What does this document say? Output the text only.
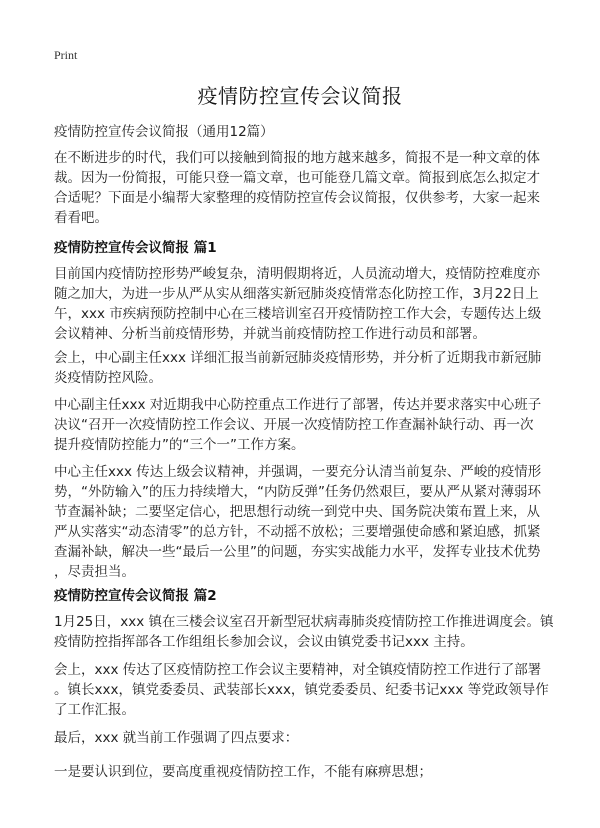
Print
疫情防控宣传会议简报
疫情防控宣传会议简报（通用12篇）
在不断进步的时代，我们可以接触到简报的地方越来越多，简报不是一种文章的体
裁。因为一份简报，可能只登一篇文章，也可能登几篇文章。简报到底怎么拟定才
合适呢？下面是小编帮大家整理的疫情防控宣传会议简报，仅供参考，大家一起来
看看吧。
疫情防控宣传会议简报 篇1
目前国内疫情防控形势严峻复杂，清明假期将近，人员流动增大，疫情防控难度亦
随之加大，为进一步从严从实从细落实新冠肺炎疫情常态化防控工作，3月22日上
午，xxx 市疾病预防控制中心在三楼培训室召开疫情防控工作大会，专题传达上级
会议精神、分析当前疫情形势，并就当前疫情防控工作进行动员和部署。
会上，中心副主任xxx 详细汇报当前新冠肺炎疫情形势，并分析了近期我市新冠肺
炎疫情防控风险。
中心副主任xxx 对近期我中心防控重点工作进行了部署，传达并要求落实中心班子
决议“召开一次疫情防控工作会议、开展一次疫情防控工作查漏补缺行动、再一次
提升疫情防控能力”的“三个一”工作方案。
中心主任xxx 传达上级会议精神，并强调，一要充分认清当前复杂、严峻的疫情形
势，“外防输入”的压力持续增大，“内防反弹”任务仍然艰巨，要从严从紧对薄弱环
节查漏补缺；二要坚定信心，把思想行动统一到党中央、国务院决策布置上来，从
严从实落实“动态清零”的总方针，不动摇不放松；三要增强使命感和紧迫感，抓紧
查漏补缺，解决一些“最后一公里”的问题，夯实实战能力水平，发挥专业技术优势
，尽责担当。
疫情防控宣传会议简报 篇2
1月25日，xxx 镇在三楼会议室召开新型冠状病毒肺炎疫情防控工作推进调度会。镇
疫情防控指挥部各工作组组长参加会议，会议由镇党委书记xxx 主持。
会上，xxx 传达了区疫情防控工作会议主要精神，对全镇疫情防控工作进行了部署
。镇长xxx，镇党委委员、武装部长xxx，镇党委委员、纪委书记xxx 等党政领导作
了工作汇报。
最后，xxx 就当前工作强调了四点要求：
一是要认识到位，要高度重视疫情防控工作，不能有麻痹思想；
